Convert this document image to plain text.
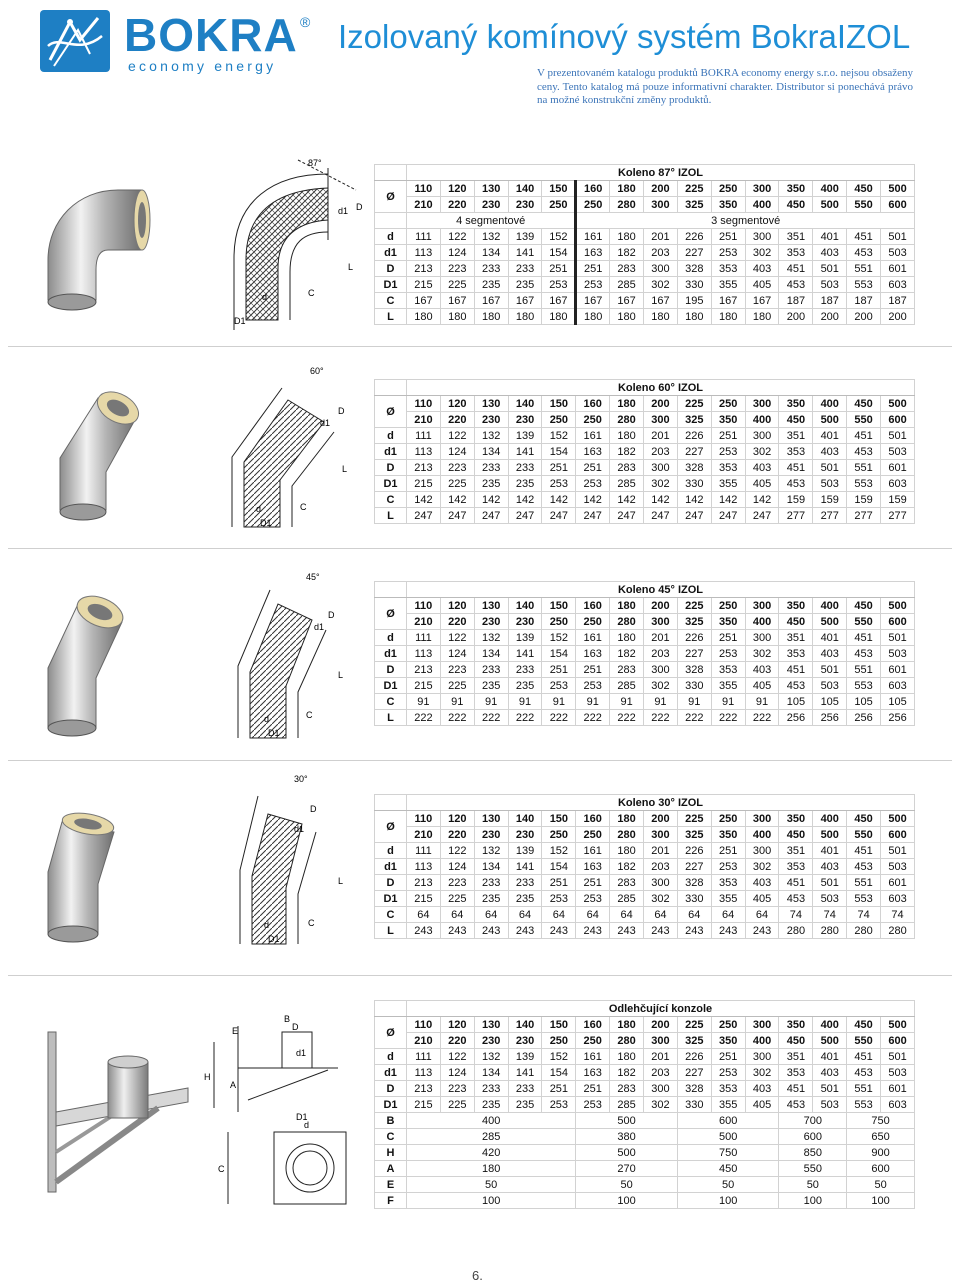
BOKRA ®
economy energy
Izolovaný komínový systém BokraIZOL
V prezentovaném katalogu produktů BOKRA economy energy s.r.o. nejsou obsaženy ceny. Tento katalog má pouze informativní charakter. Distributor si ponechává právo na možné konstrukční změny produktů.
87°
d
D1
C
L
D
d1
60°
d
D1
C
L
D
d1
45°
d
D1
C
L
D
d1
30°
d
D1
C
L
D
d1
B
E
A
H
C
D
d1
d
D1
	Koleno 87° IZOL														
Ø	110	120	130	140	150	160	180	200	225	250	300	350	400	450	500
	210	220	230	230	250	250	280	300	325	350	400	450	500	550	600
	4 segmentové					3 segmentové									
d	111	122	132	139	152	161	180	201	226	251	300	351	401	451	501
d1	113	124	134	141	154	163	182	203	227	253	302	353	403	453	503
D	213	223	233	233	251	251	283	300	328	353	403	451	501	551	601
D1	215	225	235	235	253	253	285	302	330	355	405	453	503	553	603
C	167	167	167	167	167	167	167	167	195	167	167	187	187	187	187
L	180	180	180	180	180	180	180	180	180	180	180	200	200	200	200
	Koleno 60° IZOL														
Ø	110	120	130	140	150	160	180	200	225	250	300	350	400	450	500
	210	220	230	230	250	250	280	300	325	350	400	450	500	550	600
d	111	122	132	139	152	161	180	201	226	251	300	351	401	451	501
d1	113	124	134	141	154	163	182	203	227	253	302	353	403	453	503
D	213	223	233	233	251	251	283	300	328	353	403	451	501	551	601
D1	215	225	235	235	253	253	285	302	330	355	405	453	503	553	603
C	142	142	142	142	142	142	142	142	142	142	142	159	159	159	159
L	247	247	247	247	247	247	247	247	247	247	247	277	277	277	277
	Koleno 45° IZOL														
Ø	110	120	130	140	150	160	180	200	225	250	300	350	400	450	500
	210	220	230	230	250	250	280	300	325	350	400	450	500	550	600
d	111	122	132	139	152	161	180	201	226	251	300	351	401	451	501
d1	113	124	134	141	154	163	182	203	227	253	302	353	403	453	503
D	213	223	233	233	251	251	283	300	328	353	403	451	501	551	601
D1	215	225	235	235	253	253	285	302	330	355	405	453	503	553	603
C	91	91	91	91	91	91	91	91	91	91	91	105	105	105	105
L	222	222	222	222	222	222	222	222	222	222	222	256	256	256	256
	Koleno 30° IZOL														
Ø	110	120	130	140	150	160	180	200	225	250	300	350	400	450	500
	210	220	230	230	250	250	280	300	325	350	400	450	500	550	600
d	111	122	132	139	152	161	180	201	226	251	300	351	401	451	501
d1	113	124	134	141	154	163	182	203	227	253	302	353	403	453	503
D	213	223	233	233	251	251	283	300	328	353	403	451	501	551	601
D1	215	225	235	235	253	253	285	302	330	355	405	453	503	553	603
C	64	64	64	64	64	64	64	64	64	64	64	74	74	74	74
L	243	243	243	243	243	243	243	243	243	243	243	280	280	280	280
	Odlehčující konzole														
Ø	110	120	130	140	150	160	180	200	225	250	300	350	400	450	500
	210	220	230	230	250	250	280	300	325	350	400	450	500	550	600
d	111	122	132	139	152	161	180	201	226	251	300	351	401	451	501
d1	113	124	134	141	154	163	182	203	227	253	302	353	403	453	503
D	213	223	233	233	251	251	283	300	328	353	403	451	501	551	601
D1	215	225	235	235	253	253	285	302	330	355	405	453	503	553	603
B	400					500			600			700		750	
C	285					380			500			600		650	
H	420					500			750			850		900	
A	180					270			450			550		600	
E	50					50			50			50		50	
F	100					100			100			100		100	
6.
